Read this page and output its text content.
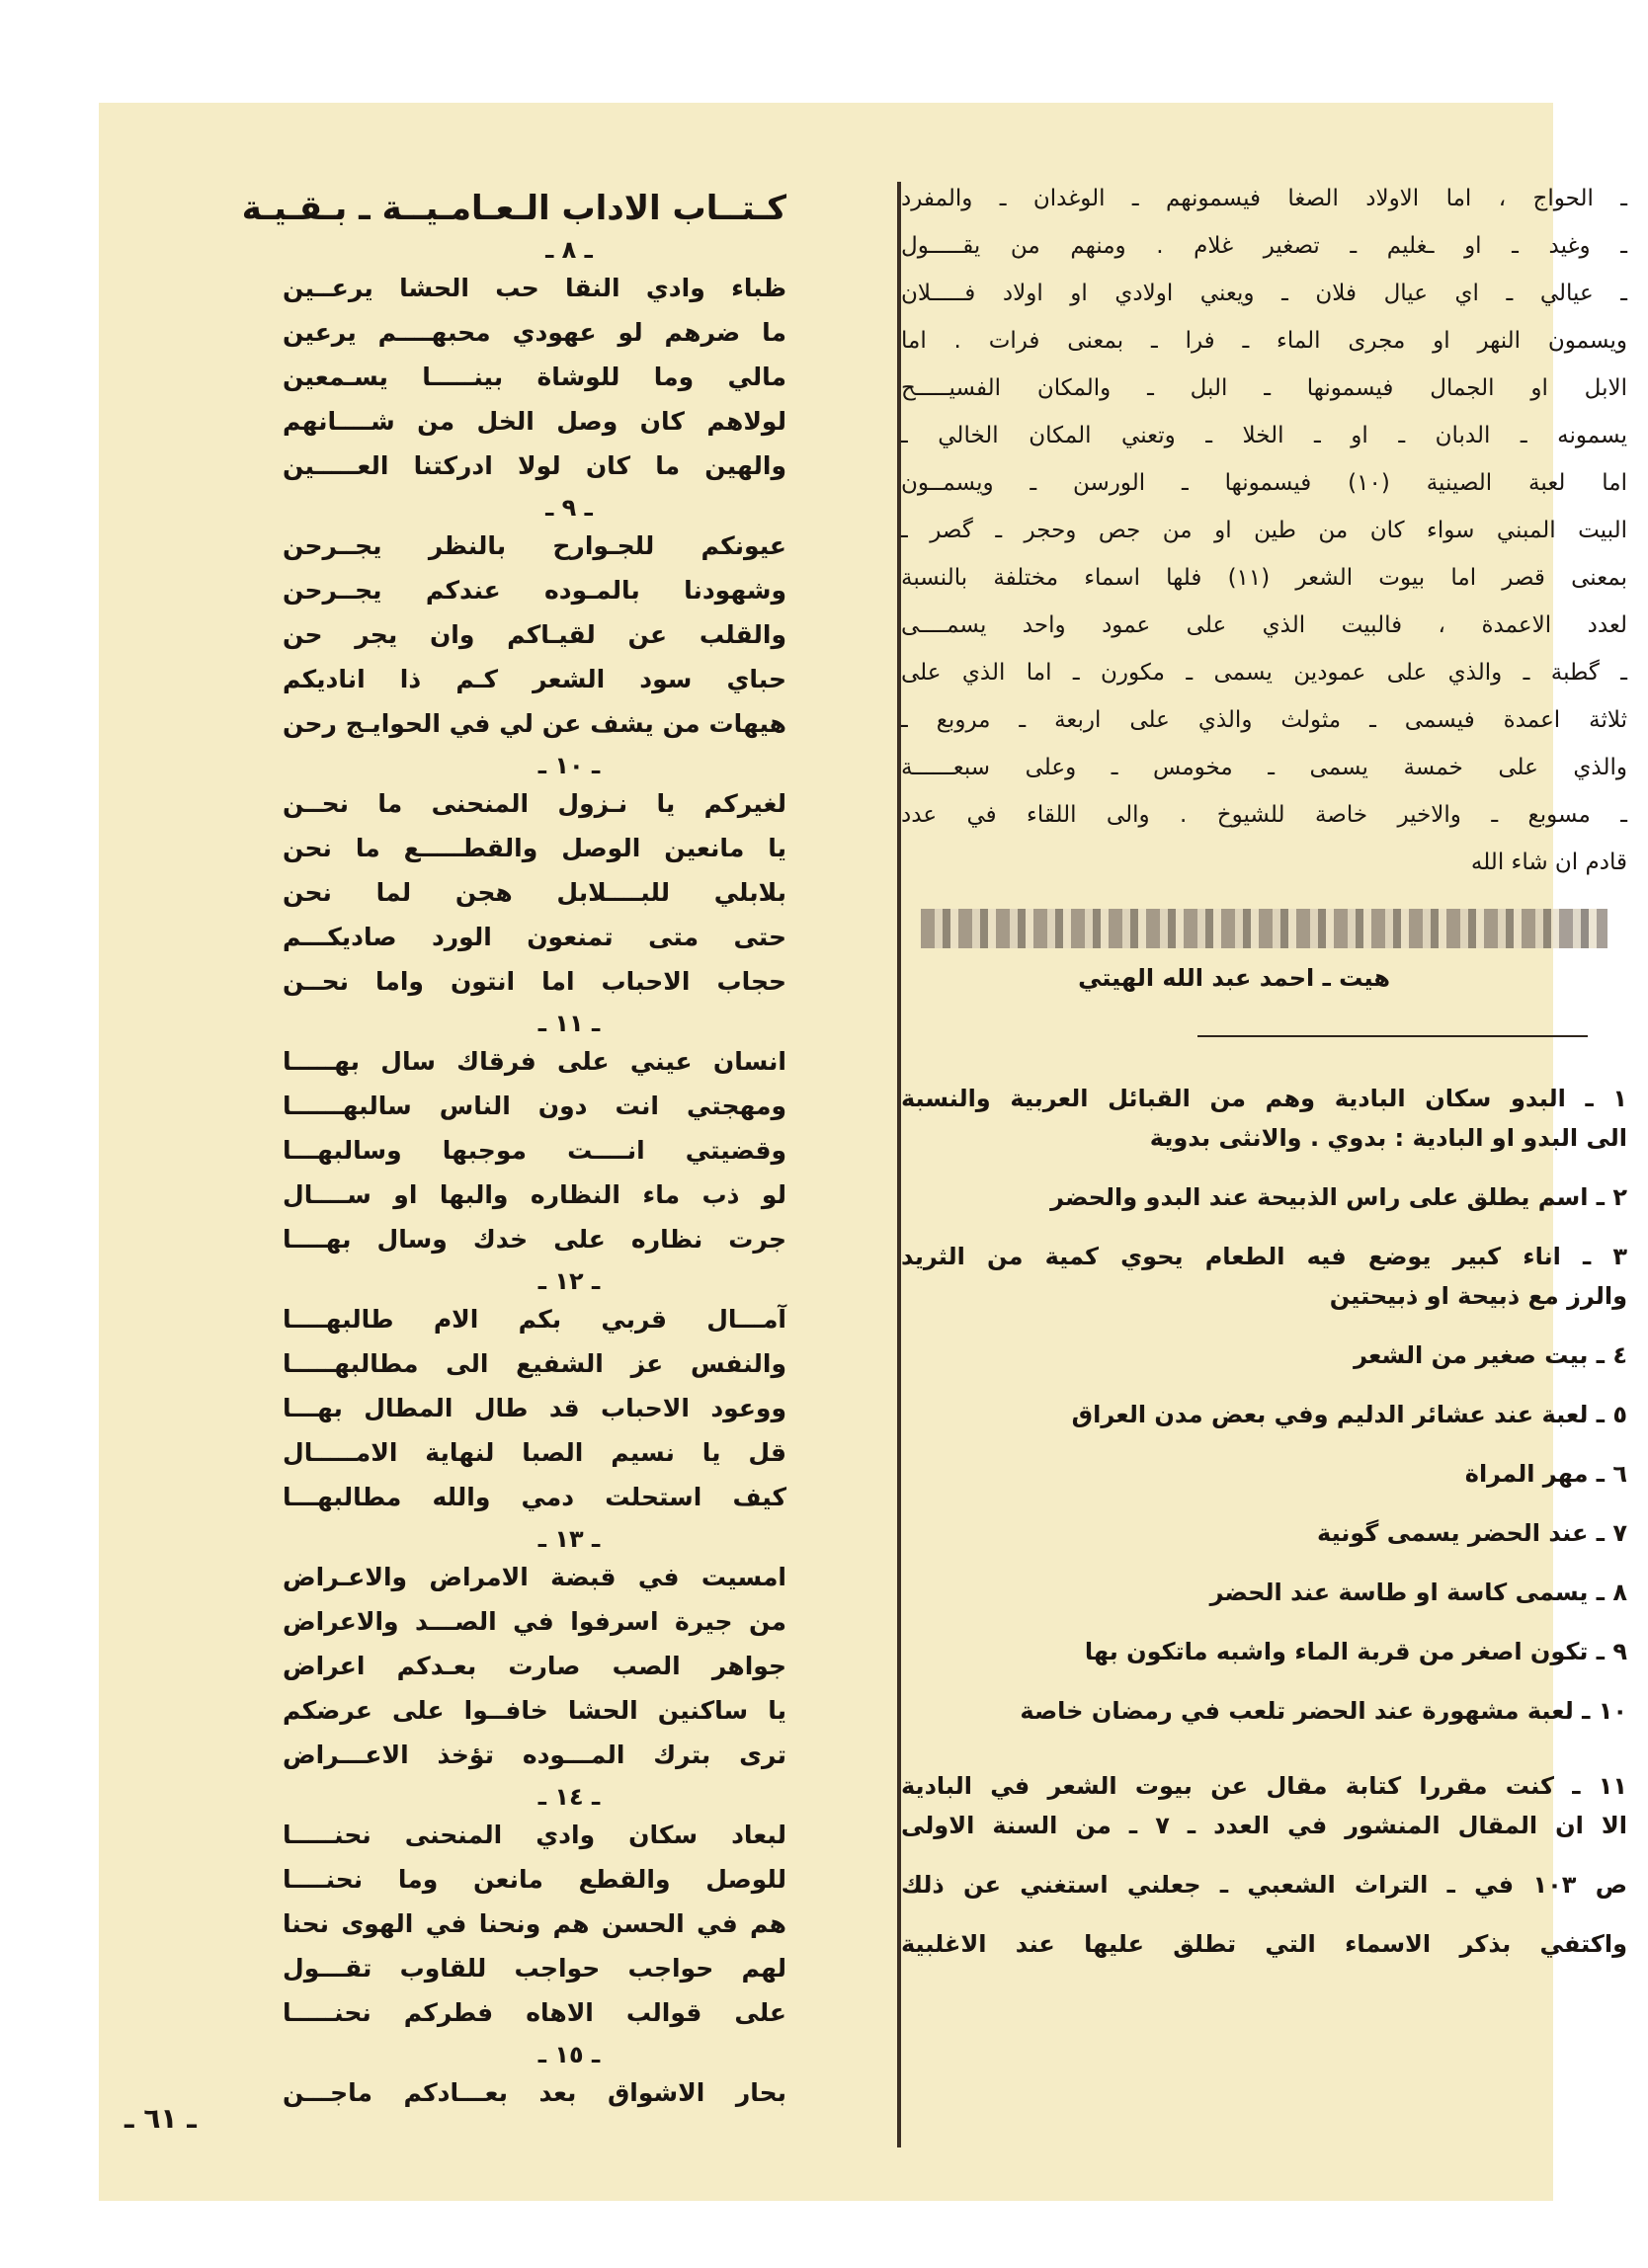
ـ الحواج ، اما الاولاد الصغا فيسمونهم ـ الوغدان ـ والمفرد
ـ وغيد ـ او ـغليم ـ تصغير غلام . ومنهم من يقـــــول
ـ عيالي ـ اي عيال فلان ـ ويعني اولادي او اولاد فـــــلان
ويسمون النهر او مجرى الماء ـ فرا ـ بمعنى فرات . اما
الابل او الجمال فيسمونها ـ البل ـ والمكان الفسيـــــح
يسمونه ـ الدبان ـ او ـ الخلا ـ وتعني المكان الخالي ـ
اما لعبة الصينية (١٠) فيسمونها ـ الورسن ـ ويسمــون
البيت المبني سواء كان من طين او من جص وحجر ـ گصر ـ
بمعنى قصر اما بيوت الشعر (١١) فلها اسماء مختلفة بالنسبة
لعدد الاعمدة ، فالبيت الذي على عمود واحد يسمــــى
ـ گطبة ـ والذي على عمودين يسمى ـ مكورن ـ اما الذي على
ثلاثة اعمدة فيسمى ـ مثولث والذي على اربعة ـ مروبع ـ
والذي على خمسة يسمى ـ مخومس ـ وعلى سبعــــــة
ـ مسوبع ـ والاخير خاصة للشيوخ . والى اللقاء في عدد
قادم ان شاء الله
هيت ـ احمد عبد الله الهيتي
١ ـ البدو سكان البادية وهم من القبائل العربية والنسبة
الى البدو او البادية : بدوي . والانثى بدوية
٢ ـ اسم يطلق على راس الذبيحة عند البدو والحضر
٣ ـ اناء كبير يوضع فيه الطعام يحوي كمية من الثريد
والرز مع ذبيحة او ذبيحتين
٤ ـ بيت صغير من الشعر
٥ ـ لعبة عند عشائر الدليم وفي بعض مدن العراق
٦ ـ مهر المراة
٧ ـ عند الحضر يسمى گونية
٨ ـ يسمى كاسة او طاسة عند الحضر
٩ ـ تكون اصغر من قربة الماء واشبه ماتكون بها
١٠ ـ لعبة مشهورة عند الحضر تلعب في رمضان خاصة
١١ ـ كنت مقررا كتابة مقال عن بيوت الشعر في البادية
الا ان المقال المنشور في العدد ـ ٧ ـ من السنة الاولى
ص ١٠٣ في ـ التراث الشعبي ـ جعلني استغني عن ذلك
واكتفي بذكر الاسماء التي تطلق عليها عند الاغلبية
كـتــاب الاداب الـعـامـيــة ـ بـقـيـة
ـ ٨ ـ
ظباء وادي النقا حب الحشا يرعــين
ما ضرهم لو عهودي محبهــــم يرعين
مالي وما للوشاة بينـــــا يسـمعين
لولاهم كان وصل الخل من شــــانهم
والهين ما كان لولا ادركتنا العـــــين
ـ ٩ ـ
عيونكم للجـوارح بالنظر يجــرحن
وشهودنا بالمـوده عندكم يجــرحن
والقلب عن لقيـاكم وان يجر حن
حباي سود الشعر كـم ذا اناديكم
هيهات من يشف عن لي في الحوايـج رحن
ـ ١٠ ـ
لغيركم يا نـزول المنحنى ما نحــن
يا مانعين الوصل والقطـــــع ما نحن
بلابلي للبــــلابل هجن لما نحن
حتى متى تمنعون الورد صاديكـــم
حجاب الاحباب اما انتون واما نحــن
ـ ١١ ـ
انسان عيني على فرقاك سال بهـــــا
ومهجتي انت دون الناس سالبهــــــا
وقضيتي انــــت موجبها وسالبهـــا
لو ذب ماء النظاره والبها او ســــال
جرت نظاره على خدك وسال بهــــا
ـ ١٢ ـ
آمـــال قربي بكم الام طالبهــــا
والنفس عز الشفيع الى مطالبهـــــا
ووعود الاحباب قد طال المطال بهـــا
قل يا نسيم الصبا لنهاية الامـــــال
كيف استحلت دمي والله مطالبهـــا
ـ ١٣ ـ
امسيت في قبضة الامراض والاعـراض
من جيرة اسرفوا في الصـــد والاعراض
جواهر الصب صارت بعـدكم اعراض
يا ساكنين الحشا خافــوا على عرضكم
ترى بترك المـــوده تؤخذ الاعـــراض
ـ ١٤ ـ
لبعاد سكان وادي المنحنى نحنـــــا
للوصل والقطع مانعن وما نحنــــا
هم في الحسن هم ونحنا في الهوى نحنا
لهم حواجب حواجب للقاوب تقـــول
على قوالب الاهاه فطركم نحنـــــا
ـ ١٥ ـ
بحار الاشواق بعد بعـــادكم ماجـــن
ـ ٦١ ـ
